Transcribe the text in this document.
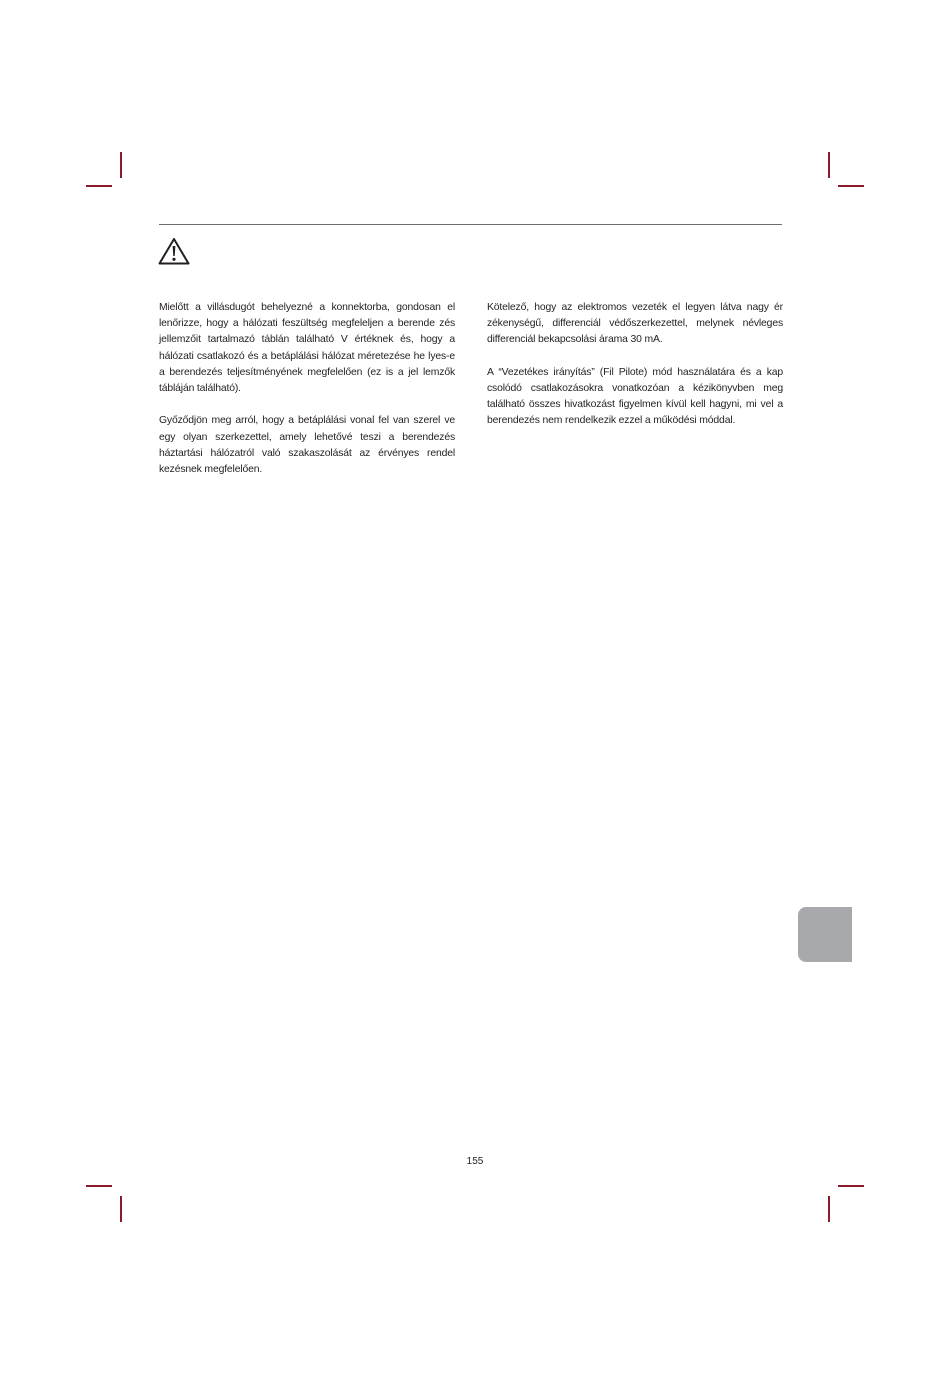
Mielőtt a villásdugót behelyezné a konnektorba, gondosan el lenőrizze, hogy a hálózati feszültség megfeleljen a berende zés jellemzőit tartalmazó táblán található V értéknek és, hogy a hálózati csatlakozó és a betáplálási hálózat méretezése he lyes-e a berendezés teljesítményének megfelelően (ez is a jel lemzők tábláján található).

Győződjön meg arról, hogy a betáplálási vonal fel van szerel ve egy olyan szerkezettel, amely lehetővé teszi a berendezés háztartási hálózatról való szakaszolását az érvényes rendel kezésnek megfelelően.

Kötelező, hogy az elektromos vezeték el legyen látva nagy ér zékenységű, differenciál védőszerkezettel, melynek névleges differenciál bekapcsolási árama 30 mA.

A “Vezetékes irányítás” (Fil Pilote) mód használatára és a kap csolódó csatlakozásokra vonatkozóan a kézikönyvben meg található összes hivatkozást figyelmen kívül kell hagyni, mi vel a berendezés nem rendelkezik ezzel a működési móddal.

155
